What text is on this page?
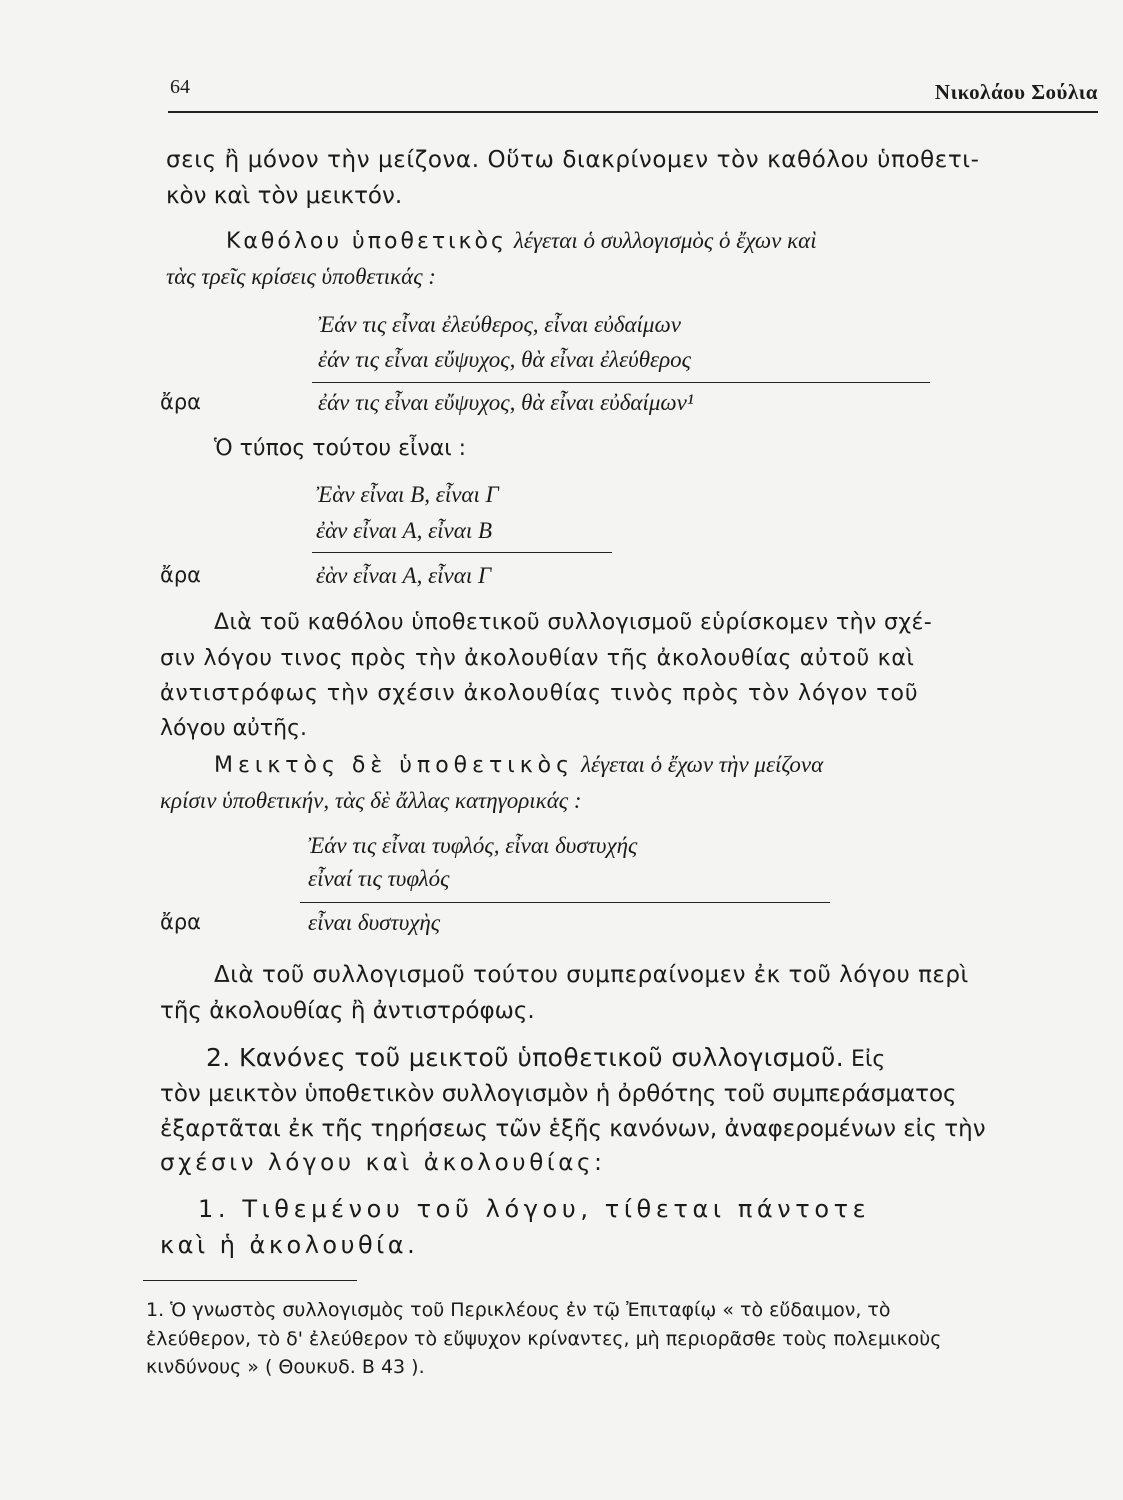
64	Νικολάου Σούλια
σεις ἢ μόνον τὴν μείζονα. Οὕτω διακρίνομεν τὸν καθόλου ὑποθετι-
κὸν καὶ τὸν μεικτόν.
Καθόλου ὑποθετικὸς λέγεται ὁ συλλογισμὸς ὁ ἔχων καὶ
τὰς τρεῖς κρίσεις ὑποθετικάς :
Ἐάν τις εἶναι ἐλεύθερος, εἶναι εὐδαίμων
ἐάν τις εἶναι εὔψυχος, θὰ εἶναι ἐλεύθερος
ἄρα	ἐάν τις εἶναι εὔψυχος, θὰ εἶναι εὐδαίμων¹
Ὁ τύπος τούτου εἶναι :
Ἐὰν εἶναι Β, εἶναι Γ
ἐὰν εἶναι Α, εἶναι Β
ἄρα	ἐὰν εἶναι Α, εἶναι Γ
Διὰ τοῦ καθόλου ὑποθετικοῦ συλλογισμοῦ εὑρίσκομεν τὴν σχέ-
σιν λόγου τινος πρὸς τὴν ἀκολουθίαν τῆς ἀκολουθίας αὐτοῦ καὶ
ἀντιστρόφως τὴν σχέσιν ἀκολουθίας τινὸς πρὸς τὸν λόγον τοῦ
λόγου αὐτῆς.
Μεικτὸς δὲ ὑποθετικὸς λέγεται ὁ ἔχων τὴν μείζονα
κρίσιν ὑποθετικήν, τὰς δὲ ἄλλας κατηγορικάς :
Ἐάν τις εἶναι τυφλός, εἶναι δυστυχής
εἶναί τις τυφλός
ἄρα	εἶναι δυστυχὴς
Διὰ τοῦ συλλογισμοῦ τούτου συμπεραίνομεν ἐκ τοῦ λόγου περὶ
τῆς ἀκολουθίας ἢ ἀντιστρόφως.
2. Κανόνες τοῦ μεικτοῦ ὑποθετικοῦ συλλογισμοῦ. Εἰς
τὸν μεικτὸν ὑποθετικὸν συλλογισμὸν ἡ ὀρθότης τοῦ συμπεράσματος
ἐξαρτᾶται ἐκ τῆς τηρήσεως τῶν ἑξῆς κανόνων, ἀναφερομένων εἰς τὴν
σχέσιν λόγου καὶ ἀκολουθίας:
1. Τιθεμένου τοῦ λόγου, τίθεται πάντοτε
καὶ ἡ ἀκολουθία.
1. Ὁ γνωστὸς συλλογισμὸς τοῦ Περικλέους ἐν τῷ Ἐπιταφίῳ « τὸ εὔδαιμον, τὸ
ἐλεύθερον, τὸ δ' ἐλεύθερον τὸ εὔψυχον κρίναντες, μὴ περιορᾶσθε τοὺς πολεμικοὺς
κινδύνους » ( Θουκυδ. Β 43 ).
